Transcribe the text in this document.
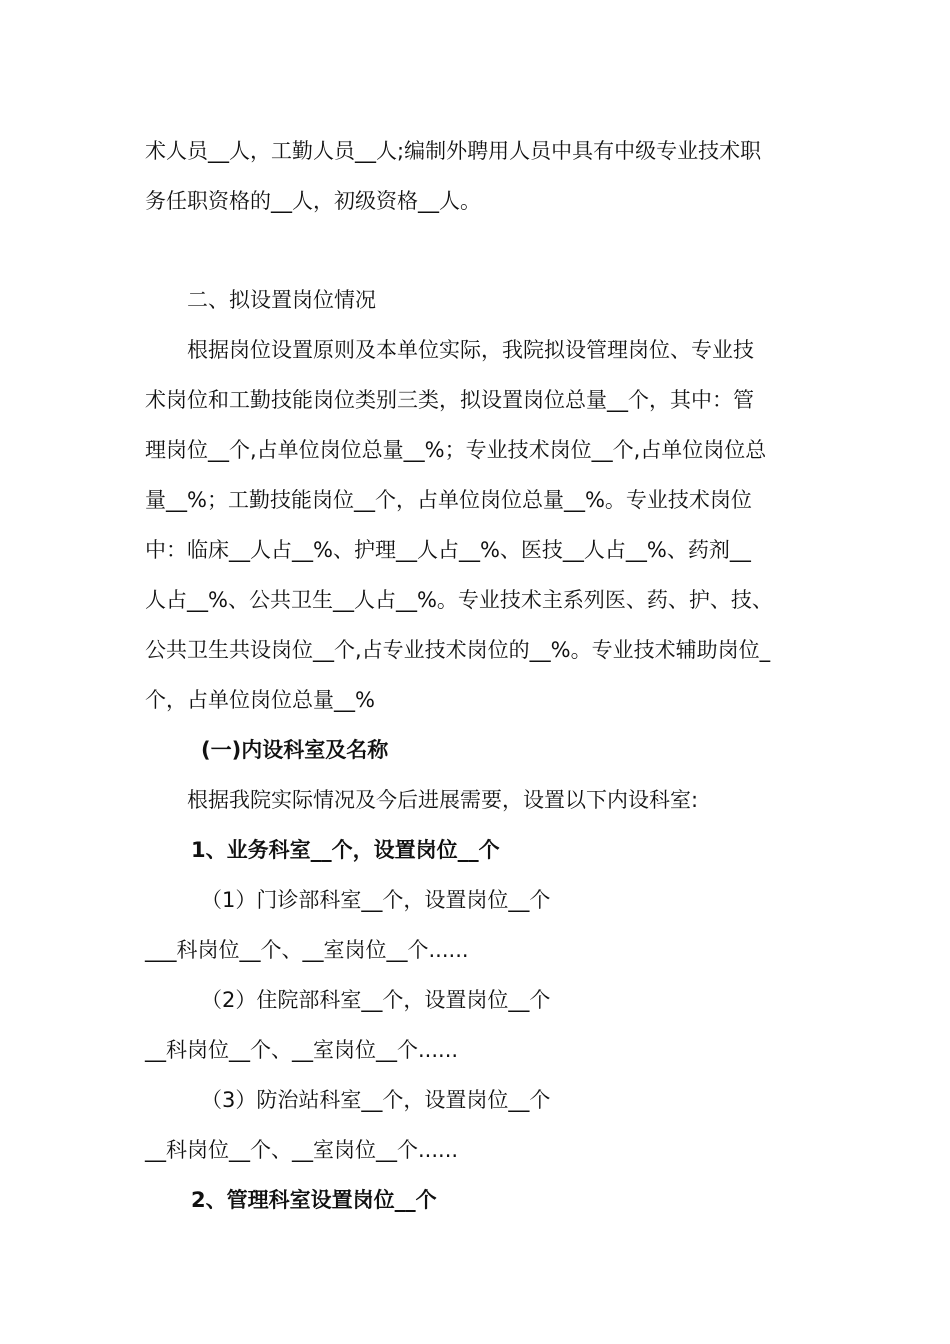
术人员__人，工勤人员__人;编制外聘用人员中具有中级专业技术职
务任职资格的__人，初级资格__人。
二、拟设置岗位情况
根据岗位设置原则及本单位实际，我院拟设管理岗位、专业技
术岗位和工勤技能岗位类别三类，拟设置岗位总量__个，其中：管
理岗位__个,占单位岗位总量__%；专业技术岗位__个,占单位岗位总
量__%；工勤技能岗位__个，占单位岗位总量__%。专业技术岗位
中：临床__人占__%、护理__人占__%、医技__人占__%、药剂__
人占__%、公共卫生__人占__%。专业技术主系列医、药、护、技、
公共卫生共设岗位__个,占专业技术岗位的__%。专业技术辅助岗位_
个，占单位岗位总量__%
(一)内设科室及名称
根据我院实际情况及今后进展需要，设置以下内设科室:
1、业务科室__个，设置岗位__个
（1）门诊部科室__个，设置岗位__个
___科岗位__个、__室岗位__个......
（2）住院部科室__个，设置岗位__个
__科岗位__个、__室岗位__个......
（3）防治站科室__个，设置岗位__个
__科岗位__个、__室岗位__个......
2、管理科室设置岗位__个
